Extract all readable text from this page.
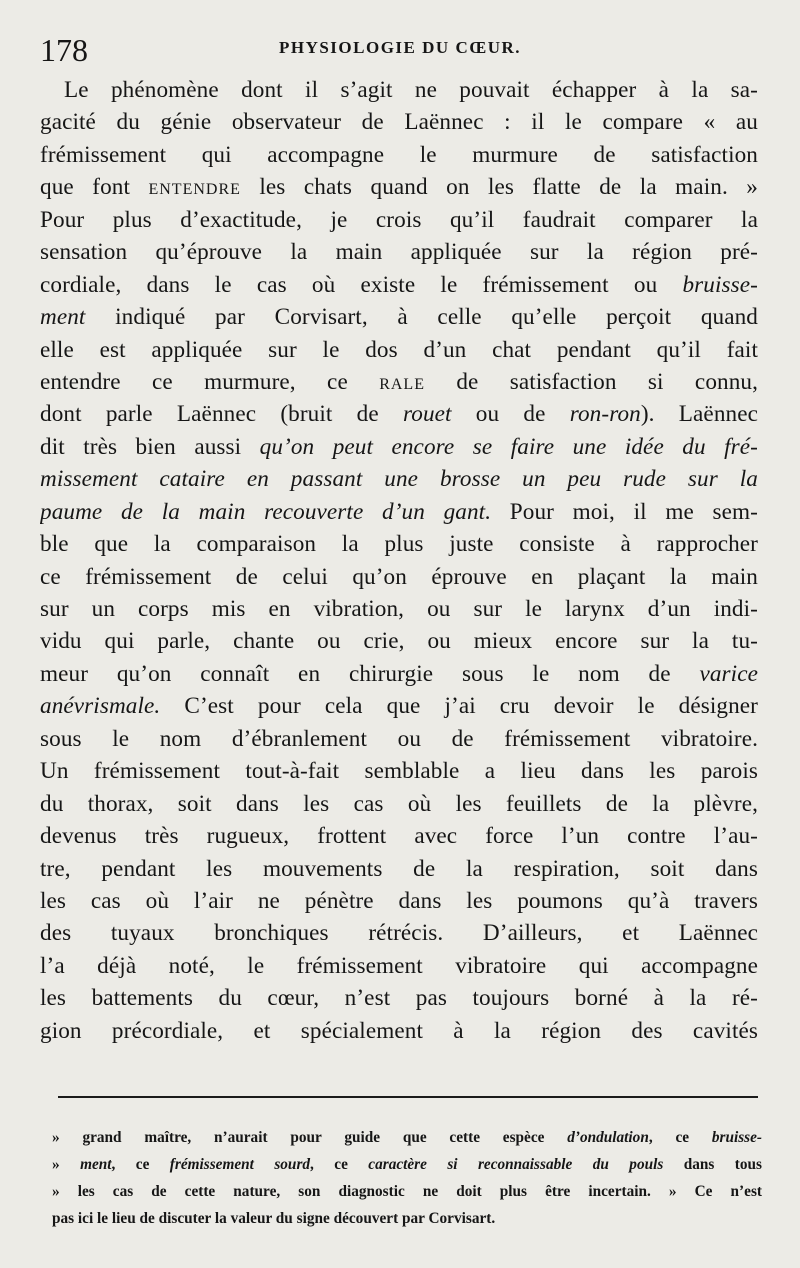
178	PHYSIOLOGIE DU CŒUR.
Le phénomène dont il s’agit ne pouvait échapper à la sa-
gacité du génie observateur de Laënnec : il le compare « au
frémissement qui accompagne le murmure de satisfaction
que font entendre les chats quand on les flatte de la main. »
Pour plus d’exactitude, je crois qu’il faudrait comparer la
sensation qu’éprouve la main appliquée sur la région pré-
cordiale, dans le cas où existe le frémissement ou bruisse-
ment indiqué par Corvisart, à celle qu’elle perçoit quand
elle est appliquée sur le dos d’un chat pendant qu’il fait
entendre ce murmure, ce rale de satisfaction si connu,
dont parle Laënnec (bruit de rouet ou de ron-ron). Laënnec
dit très bien aussi qu’on peut encore se faire une idée du fré-
missement cataire en passant une brosse un peu rude sur la
paume de la main recouverte d’un gant. Pour moi, il me sem-
ble que la comparaison la plus juste consiste à rapprocher
ce frémissement de celui qu’on éprouve en plaçant la main
sur un corps mis en vibration, ou sur le larynx d’un indi-
vidu qui parle, chante ou crie, ou mieux encore sur la tu-
meur qu’on connaît en chirurgie sous le nom de varice
anévrismale. C’est pour cela que j’ai cru devoir le désigner
sous le nom d’ébranlement ou de frémissement vibratoire.
Un frémissement tout-à-fait semblable a lieu dans les parois
du thorax, soit dans les cas où les feuillets de la plèvre,
devenus très rugueux, frottent avec force l’un contre l’au-
tre, pendant les mouvements de la respiration, soit dans
les cas où l’air ne pénètre dans les poumons qu’à travers
des tuyaux bronchiques rétrécis. D’ailleurs, et Laënnec
l’a déjà noté, le frémissement vibratoire qui accompagne
les battements du cœur, n’est pas toujours borné à la ré-
gion précordiale, et spécialement à la région des cavités
» grand maître, n’aurait pour guide que cette espèce d’ondulation, ce bruisse-
» ment, ce frémissement sourd, ce caractère si reconnaissable du pouls dans tous
» les cas de cette nature, son diagnostic ne doit plus être incertain. » Ce n’est
pas ici le lieu de discuter la valeur du signe découvert par Corvisart.
